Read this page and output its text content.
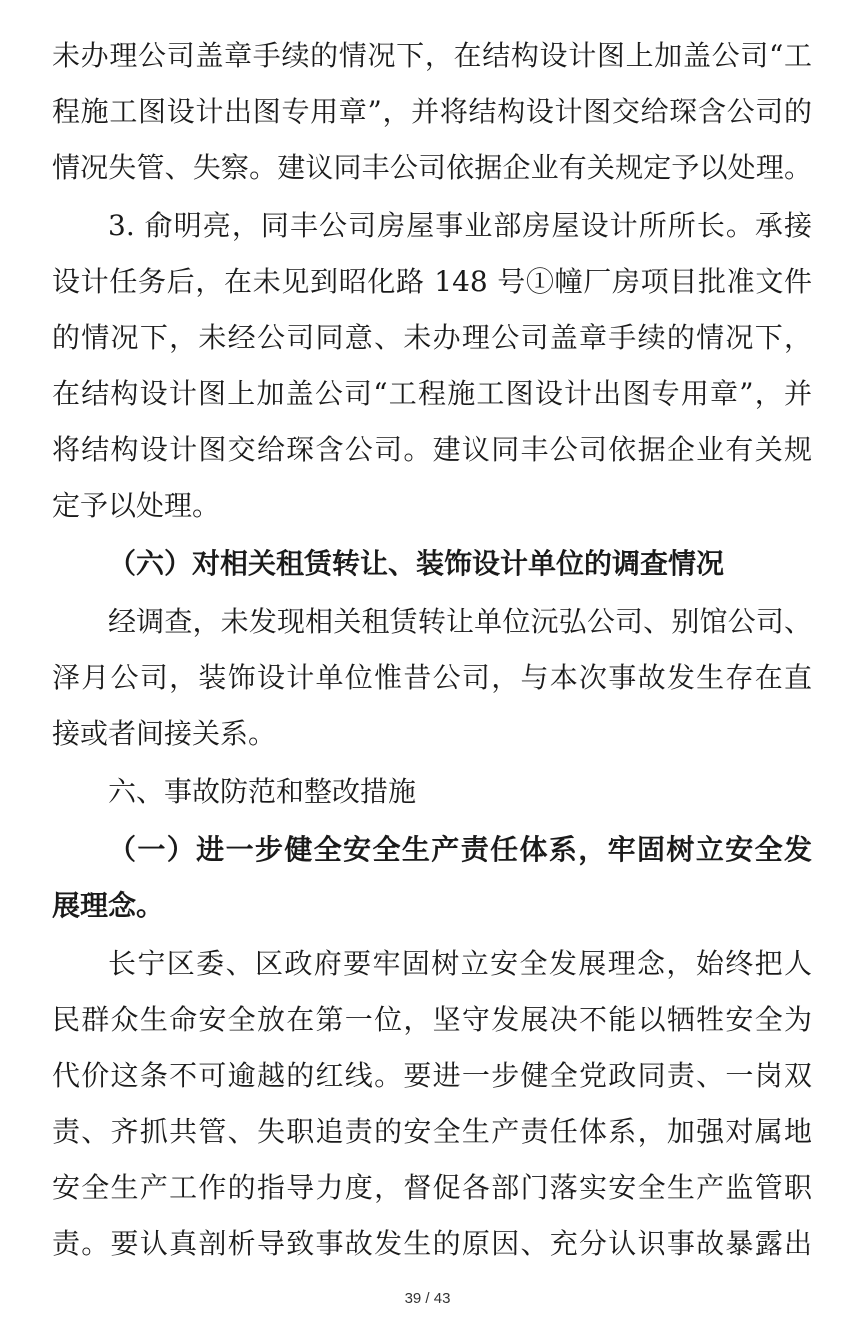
未办理公司盖章手续的情况下，在结构设计图上加盖公司“工
程施工图设计出图专用章”，并将结构设计图交给琛含公司的
情况失管、失察。建议同丰公司依据企业有关规定予以处理。
3. 俞明亮，同丰公司房屋事业部房屋设计所所长。承接
设计任务后，在未见到昭化路 148 号①幢厂房项目批准文件
的情况下，未经公司同意、未办理公司盖章手续的情况下，
在结构设计图上加盖公司“工程施工图设计出图专用章”，并
将结构设计图交给琛含公司。建议同丰公司依据企业有关规
定予以处理。
（六）对相关租赁转让、装饰设计单位的调查情况
经调查，未发现相关租赁转让单位沅弘公司、别馆公司、
泽月公司，装饰设计单位惟昔公司，与本次事故发生存在直
接或者间接关系。
六、事故防范和整改措施
（一）进一步健全安全生产责任体系，牢固树立安全发
展理念。
长宁区委、区政府要牢固树立安全发展理念，始终把人
民群众生命安全放在第一位，坚守发展决不能以牺牲安全为
代价这条不可逾越的红线。要进一步健全党政同责、一岗双
责、齐抓共管、失职追责的安全生产责任体系，加强对属地
安全生产工作的指导力度，督促各部门落实安全生产监管职
责。要认真剖析导致事故发生的原因、充分认识事故暴露出
39 / 43
